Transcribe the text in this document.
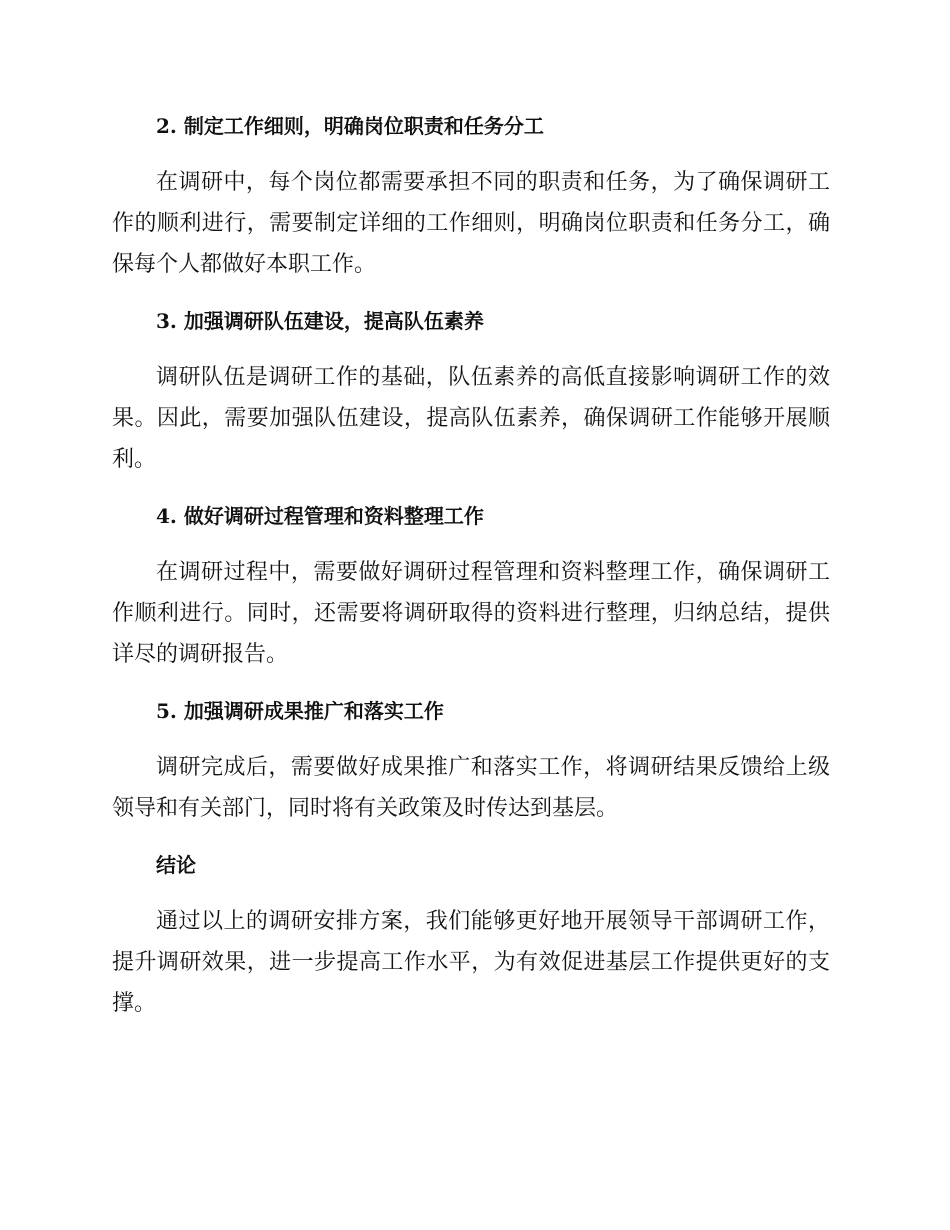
2. 制定工作细则，明确岗位职责和任务分工

在调研中，每个岗位都需要承担不同的职责和任务，为了确保调研工作的顺利进行，需要制定详细的工作细则，明确岗位职责和任务分工，确保每个人都做好本职工作。

3. 加强调研队伍建设，提高队伍素养

调研队伍是调研工作的基础，队伍素养的高低直接影响调研工作的效果。因此，需要加强队伍建设，提高队伍素养，确保调研工作能够开展顺利。

4. 做好调研过程管理和资料整理工作

在调研过程中，需要做好调研过程管理和资料整理工作，确保调研工作顺利进行。同时，还需要将调研取得的资料进行整理，归纳总结，提供详尽的调研报告。

5. 加强调研成果推广和落实工作

调研完成后，需要做好成果推广和落实工作，将调研结果反馈给上级领导和有关部门，同时将有关政策及时传达到基层。

结论

通过以上的调研安排方案，我们能够更好地开展领导干部调研工作，提升调研效果，进一步提高工作水平，为有效促进基层工作提供更好的支撑。
